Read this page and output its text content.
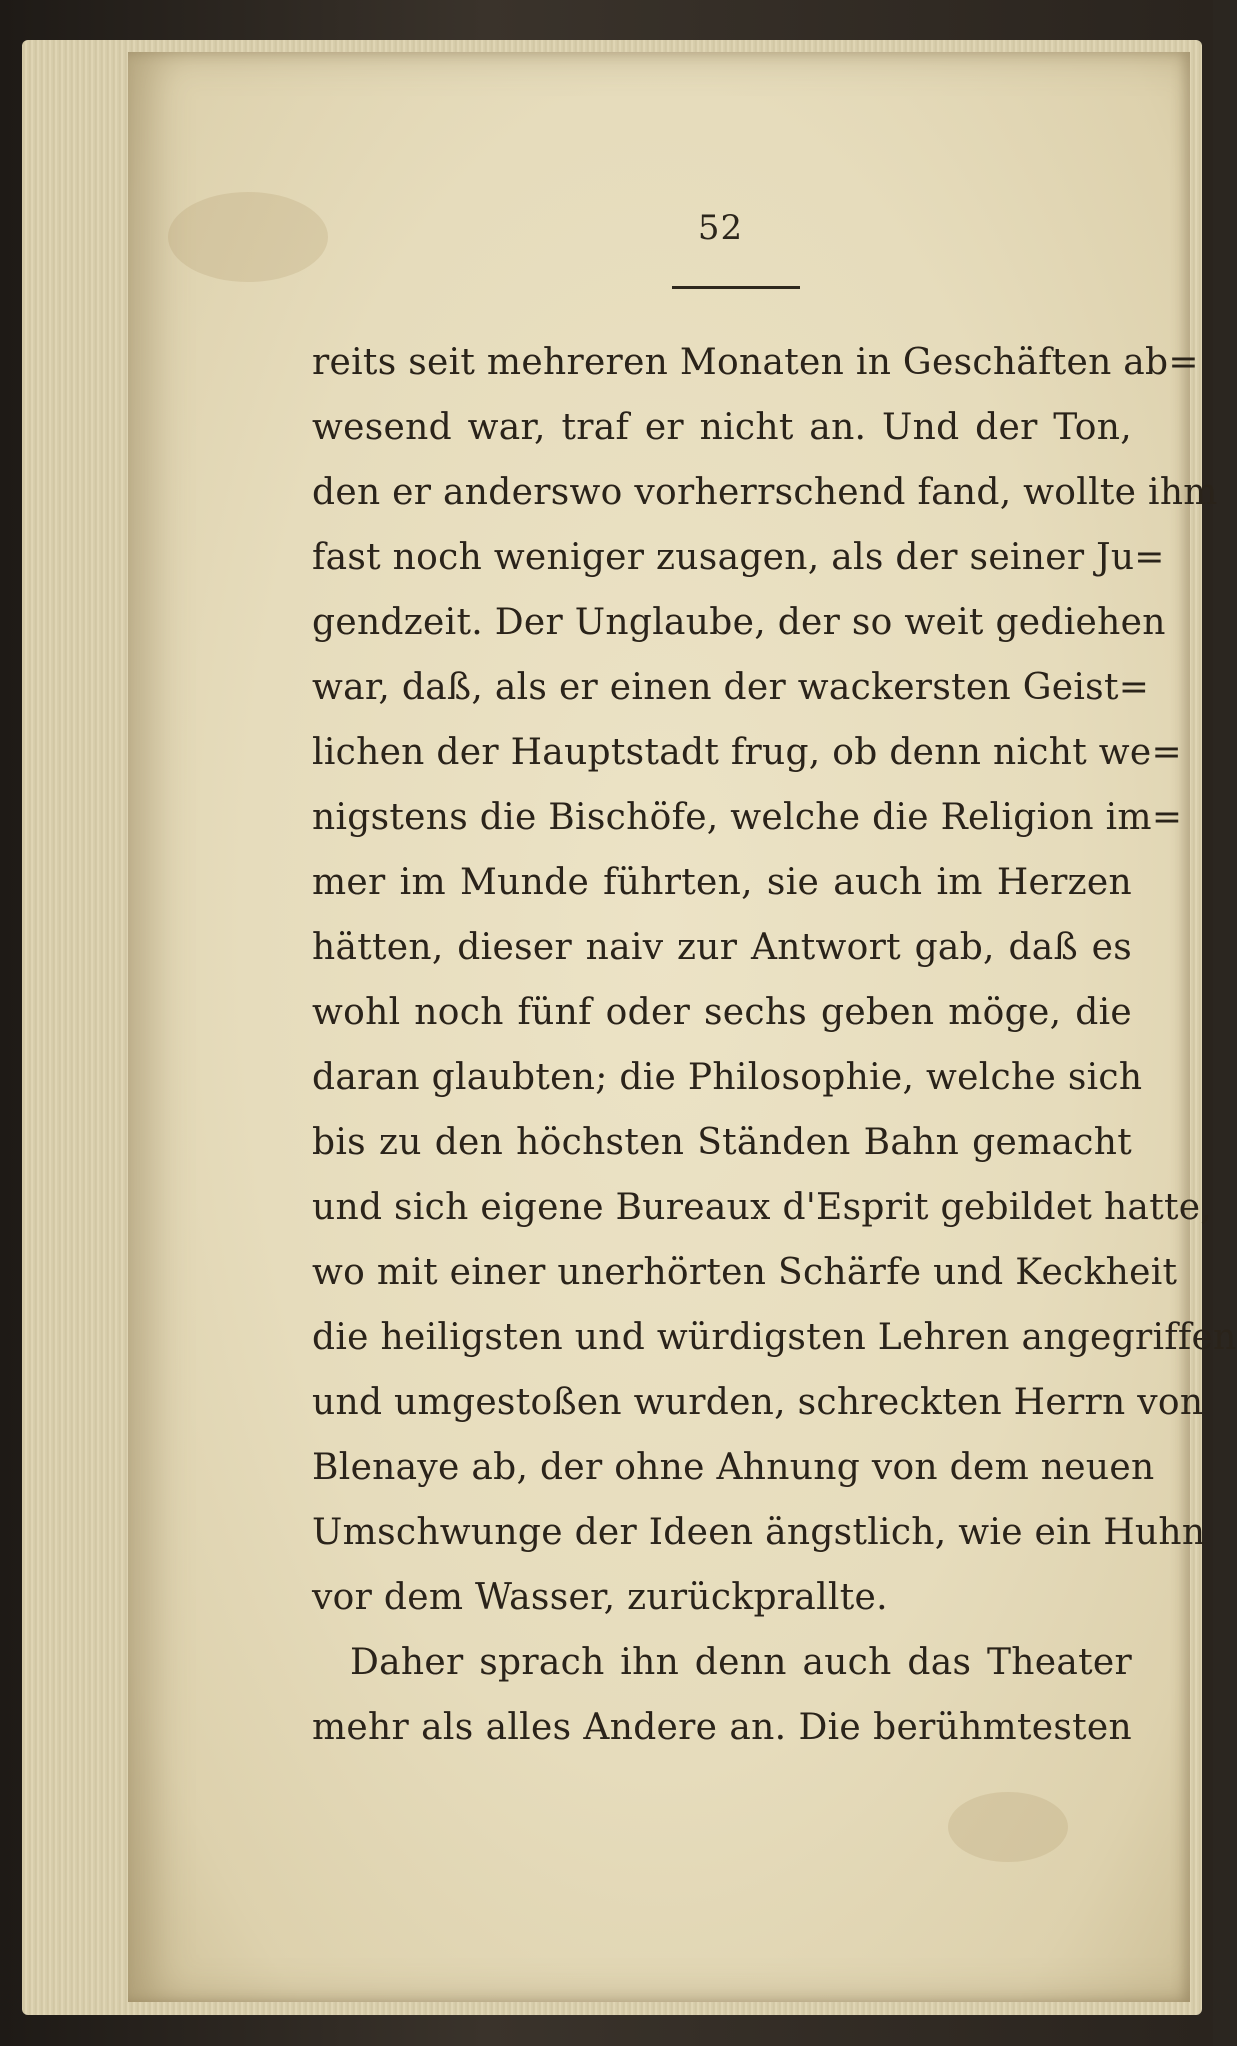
52
reits seit mehreren Monaten in Geschäften ab=
wesend war, traf er nicht an. Und der Ton,
den er anderswo vorherrschend fand, wollte ihm
fast noch weniger zusagen, als der seiner Ju=
gendzeit. Der Unglaube, der so weit gediehen
war, daß, als er einen der wackersten Geist=
lichen der Hauptstadt frug, ob denn nicht we=
nigstens die Bischöfe, welche die Religion im=
mer im Munde führten, sie auch im Herzen
hätten, dieser naiv zur Antwort gab, daß es
wohl noch fünf oder sechs geben möge, die
daran glaubten; die Philosophie, welche sich
bis zu den höchsten Ständen Bahn gemacht
und sich eigene Bureaux d'Esprit gebildet hatte,
wo mit einer unerhörten Schärfe und Keckheit
die heiligsten und würdigsten Lehren angegriffen
und umgestoßen wurden, schreckten Herrn von
Blenaye ab, der ohne Ahnung von dem neuen
Umschwunge der Ideen ängstlich, wie ein Huhn
vor dem Wasser, zurückprallte.
Daher sprach ihn denn auch das Theater
mehr als alles Andere an. Die berühmtesten
